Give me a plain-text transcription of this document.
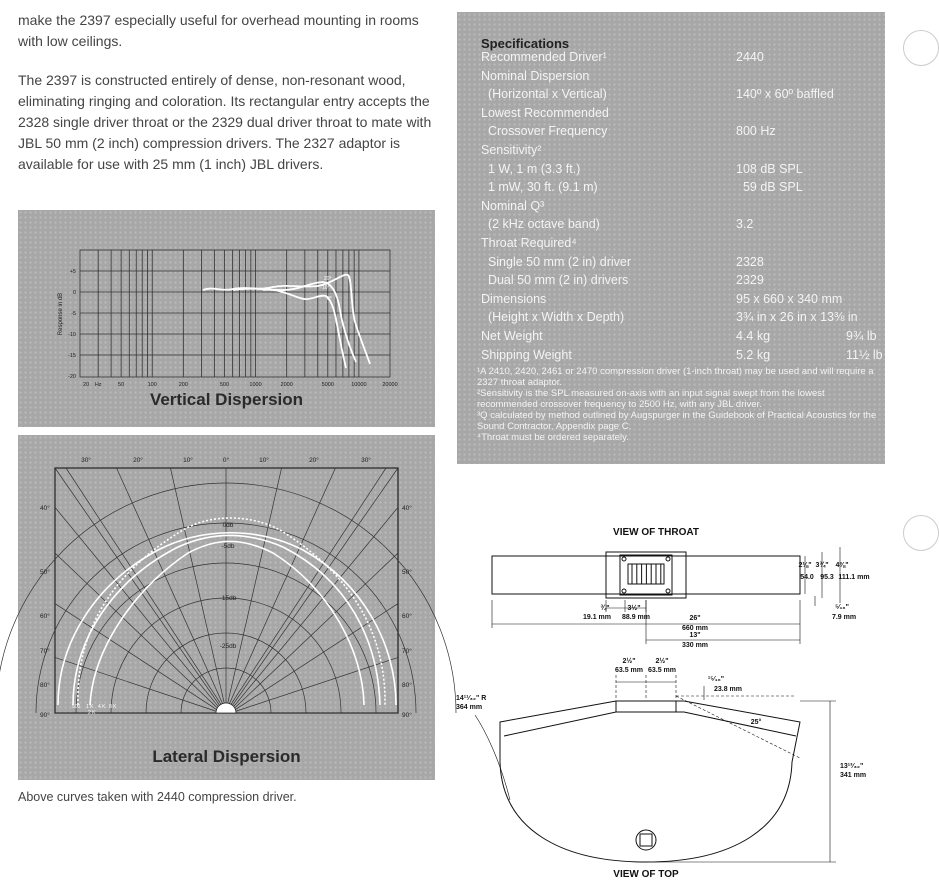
make the 2397 especially useful for overhead mounting in rooms with low ceilings.

The 2397 is constructed entirely of dense, non-resonant wood, eliminating ringing and coloration. Its rectangular entry accepts the 2328 single driver throat or the 2329 dual driver throat to mate with JBL 50 mm (2 inch) compression drivers. The 2327 adaptor is available for use with 25 mm (1 inch) JBL drivers.

+5
0
-5
-10
-15
-20
20 Hz	50	100	200	500	1000	2000	5000	10000	20000
Response in dB	0°
10°
20°
Vertical Dispersion
30°	20°	10°	0°	10°	20°	30°
40°	40°
50°	50°
60°	60°
70°	70°
80°	80°
90°	90°
0db
-5db
-15db
-25db
500 1 K 4 K 8 K
2 K
Lateral Dispersion
Above curves taken with 2440 compression driver.
Specifications
Recommended Driver¹	2440
Nominal Dispersion
(Horizontal x Vertical)	140º x 60º baffled
Lowest Recommended
Crossover Frequency	800 Hz
Sensitivity²
1 W, 1 m (3.3 ft.)	108 dB SPL
1 mW, 30 ft. (9.1 m)	59 dB SPL
Nominal Q³
(2 kHz octave band)	3.2
Throat Required⁴
Single 50 mm (2 in) driver	2328
Dual 50 mm (2 in) drivers	2329
Dimensions	95 x 660 x 340 mm
(Height x Width x Depth)	3¾ in x 26 in x 13⅜ in
Net Weight	4.4 kg	9¾ lb
Shipping Weight	5.2 kg	11½ lb
¹A 2410, 2420, 2461 or 2470 compression driver (1-inch throat) may be used and will require a 2327 throat adaptor.
²Sensitivity is the SPL measured on-axis with an input signal swept from the lowest recommended crossover frequency to 2500 Hz, with any JBL driver.
³Q calculated by method outlined by Augspurger in the Guidebook of Practical Acoustics for the Sound Contractor, Appendix page C.
⁴Throat must be ordered separately.
VIEW OF THROAT
2⅛" 3¾" 4⅜"
54.0 95.3 111.1 mm
¾"
19.1 mm
3½"
88.9 mm	26"
660 mm
13"
330 mm
⁵⁄₁₆"
7.9 mm
2½"
63.5 mm
2½"
63.5 mm
¹⁵⁄₁₆"
23.8 mm
14¹¹⁄₃₂" R
364 mm
25°
13¹³⁄₃₂"
341 mm
VIEW OF TOP
